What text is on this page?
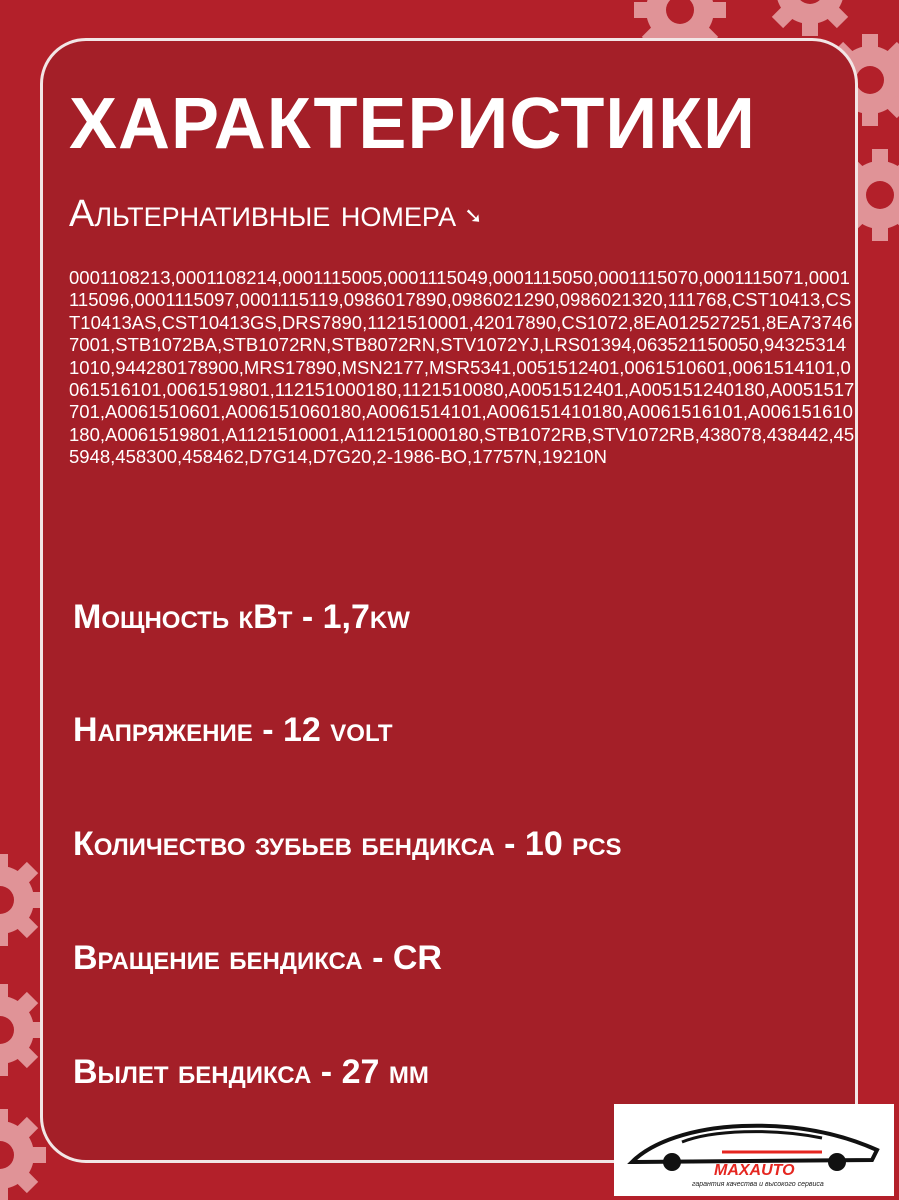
ХАРАКТЕРИСТИКИ
Альтернативные номера ➘
0001108213,0001108214,0001115005,0001115049,0001115050,0001115070,0001115071,0001115096,0001115097,0001115119,0986017890,0986021290,0986021320,111768,CST10413,CST10413AS,CST10413GS,DRS7890,1121510001,42017890,CS1072,8EA012527251,8EA737467001,STB1072BA,STB1072RN,STB8072RN,STV1072YJ,LRS01394,063521150050,943253141010,944280178900,MRS17890,MSN2177,MSR5341,0051512401,0061510601,0061514101,0061516101,0061519801,112151000180,1121510080,A0051512401,A005151240180,A0051517701,A0061510601,A006151060180,A0061514101,A006151410180,A0061516101,A006151610180,A0061519801,A1121510001,A112151000180,STB1072RB,STV1072RB,438078,438442,455948,458300,458462,D7G14,D7G20,2-1986-BO,17757N,19210N

Мощность кВт - 1,7kw

Напряжение - 12 volt

Количество зубьев бендикса - 10 pcs

Вращение бендикса - CR

Вылет бендикса - 27 мм

MAXAUTO
гарантия качества и высокого сервиса
